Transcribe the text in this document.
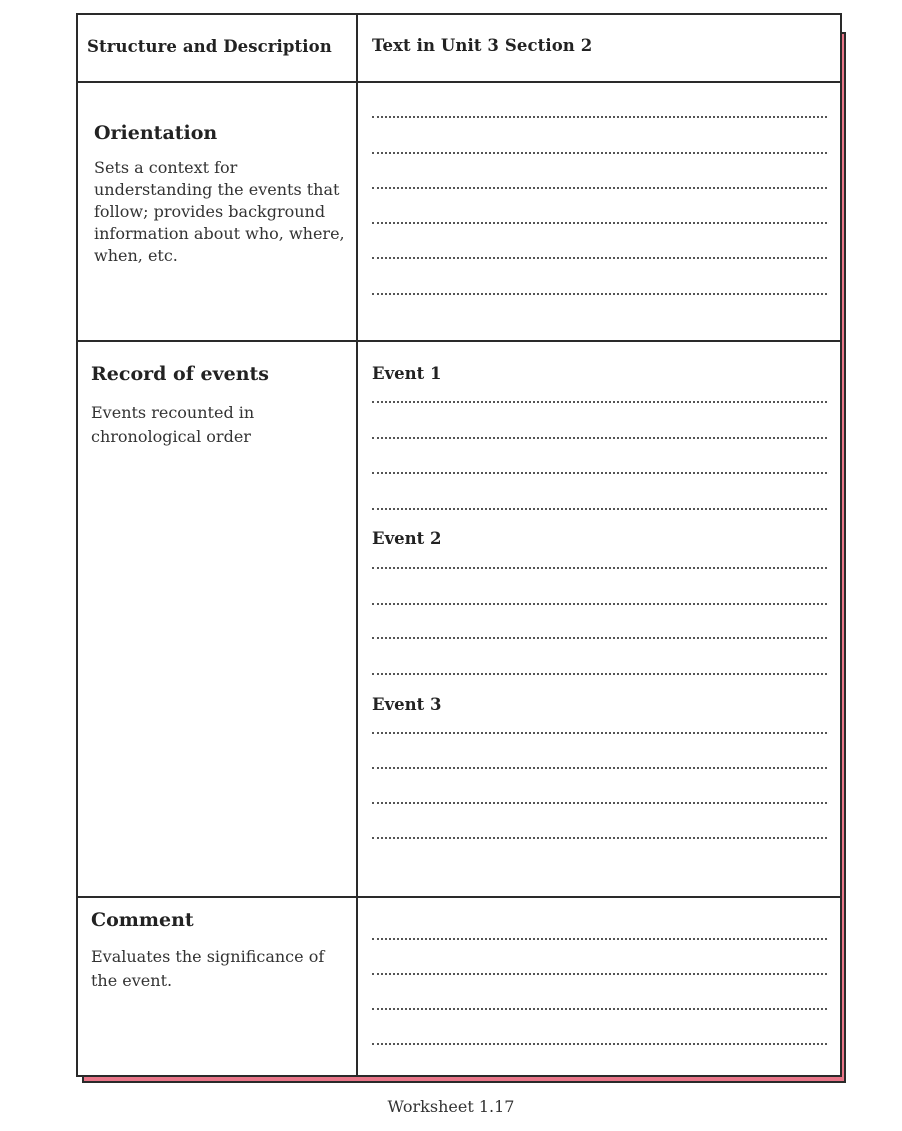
Structure and Description Text in Unit 3 Section 2
Orientation
Sets a context for understanding the events that follow; provides background information about who, where, when, etc.
Record of events
Events recounted in chronological order
Event 1
Event 2
Event 3
Comment
Evaluates the significance of the event.
Worksheet 1.17
